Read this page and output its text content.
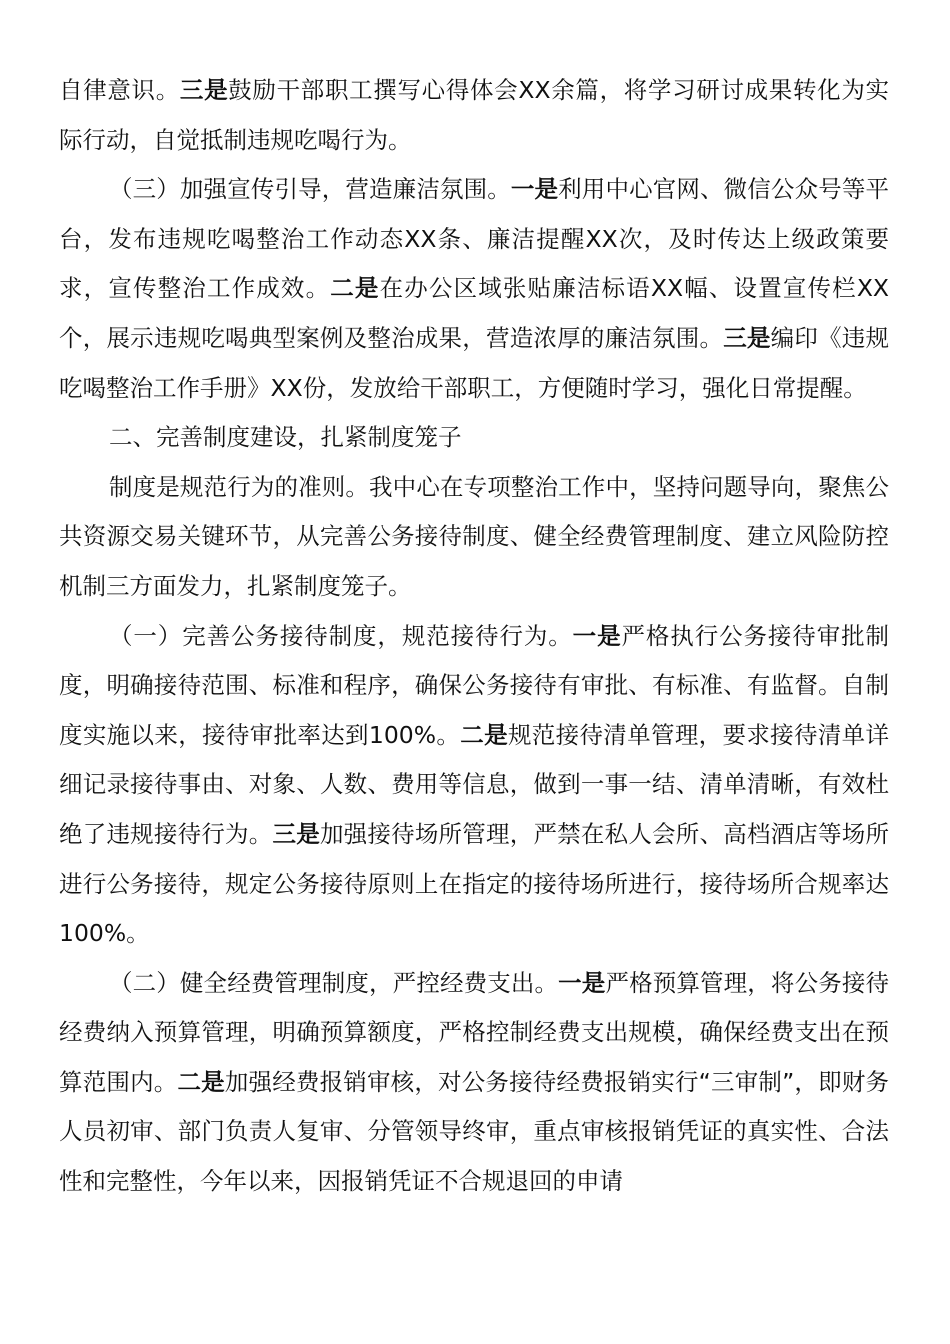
自律意识。三是鼓励干部职工撰写心得体会XX余篇，将学习研讨成果转化为实际行动，自觉抵制违规吃喝行为。

（三）加强宣传引导，营造廉洁氛围。一是利用中心官网、微信公众号等平台，发布违规吃喝整治工作动态XX条、廉洁提醒XX次，及时传达上级政策要求，宣传整治工作成效。二是在办公区域张贴廉洁标语XX幅、设置宣传栏XX个，展示违规吃喝典型案例及整治成果，营造浓厚的廉洁氛围。三是编印《违规吃喝整治工作手册》XX份，发放给干部职工，方便随时学习，强化日常提醒。

二、完善制度建设，扎紧制度笼子

制度是规范行为的准则。我中心在专项整治工作中，坚持问题导向，聚焦公共资源交易关键环节，从完善公务接待制度、健全经费管理制度、建立风险防控机制三方面发力，扎紧制度笼子。

（一）完善公务接待制度，规范接待行为。一是严格执行公务接待审批制度，明确接待范围、标准和程序，确保公务接待有审批、有标准、有监督。自制度实施以来，接待审批率达到100%。二是规范接待清单管理，要求接待清单详细记录接待事由、对象、人数、费用等信息，做到一事一结、清单清晰，有效杜绝了违规接待行为。三是加强接待场所管理，严禁在私人会所、高档酒店等场所进行公务接待，规定公务接待原则上在指定的接待场所进行，接待场所合规率达100%。

（二）健全经费管理制度，严控经费支出。一是严格预算管理，将公务接待经费纳入预算管理，明确预算额度，严格控制经费支出规模，确保经费支出在预算范围内。二是加强经费报销审核，对公务接待经费报销实行“三审制”，即财务人员初审、部门负责人复审、分管领导终审，重点审核报销凭证的真实性、合法性和完整性，今年以来，因报销凭证不合规退回的申请
